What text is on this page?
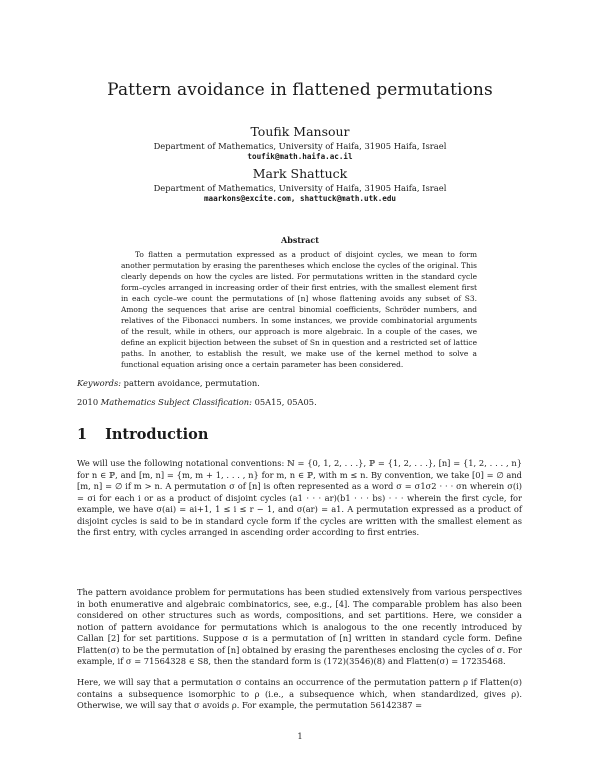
Pattern avoidance in flattened permutations
Toufik Mansour
Department of Mathematics, University of Haifa, 31905 Haifa, Israel
toufik@math.haifa.ac.il
Mark Shattuck
Department of Mathematics, University of Haifa, 31905 Haifa, Israel
maarkons@excite.com, shattuck@math.utk.edu
Abstract

To flatten a permutation expressed as a product of disjoint cycles, we mean to form another permutation by erasing the parentheses which enclose the cycles of the original. This clearly depends on how the cycles are listed. For permutations written in the standard cycle form–cycles arranged in increasing order of their first entries, with the smallest element first in each cycle–we count the permutations of [n] whose flattening avoids any subset of S3. Among the sequences that arise are central binomial coefficients, Schröder numbers, and relatives of the Fibonacci numbers. In some instances, we provide combinatorial arguments of the result, while in others, our approach is more algebraic. In a couple of the cases, we define an explicit bijection between the subset of Sn in question and a restricted set of lattice paths. In another, to establish the result, we make use of the kernel method to solve a functional equation arising once a certain parameter has been considered.

Keywords: pattern avoidance, permutation.
2010 Mathematics Subject Classification: 05A15, 05A05.
1 Introduction

We will use the following notational conventions: ℕ = {0, 1, 2, . . .}, ℙ = {1, 2, . . .}, [n] = {1, 2, . . . , n} for n ∈ ℙ, and [m, n] = {m, m + 1, . . . , n} for m, n ∈ ℙ, with m ≤ n. By convention, we take [0] = ∅ and [m, n] = ∅ if m > n. A permutation σ of [n] is often represented as a word σ = σ1σ2 · · · σn wherein σ(i) = σi for each i or as a product of disjoint cycles (a1 · · · ar)(b1 · · · bs) · · · wherein the first cycle, for example, we have σ(ai) = ai+1, 1 ≤ i ≤ r − 1, and σ(ar) = a1. A permutation expressed as a product of disjoint cycles is said to be in standard cycle form if the cycles are written with the smallest element as the first entry, with cycles arranged in ascending order according to first entries.

The pattern avoidance problem for permutations has been studied extensively from various perspectives in both enumerative and algebraic combinatorics, see, e.g., [4]. The comparable problem has also been considered on other structures such as words, compositions, and set partitions. Here, we consider a notion of pattern avoidance for permutations which is analogous to the one recently introduced by Callan [2] for set partitions. Suppose σ is a permutation of [n] written in standard cycle form. Define Flatten(σ) to be the permutation of [n] obtained by erasing the parentheses enclosing the cycles of σ. For example, if σ = 71564328 ∈ S8, then the standard form is (172)(3546)(8) and Flatten(σ) = 17235468.

Here, we will say that a permutation σ contains an occurrence of the permutation pattern ρ if Flatten(σ) contains a subsequence isomorphic to ρ (i.e., a subsequence which, when standardized, gives ρ). Otherwise, we will say that σ avoids ρ. For example, the permutation 56142387 =

1
